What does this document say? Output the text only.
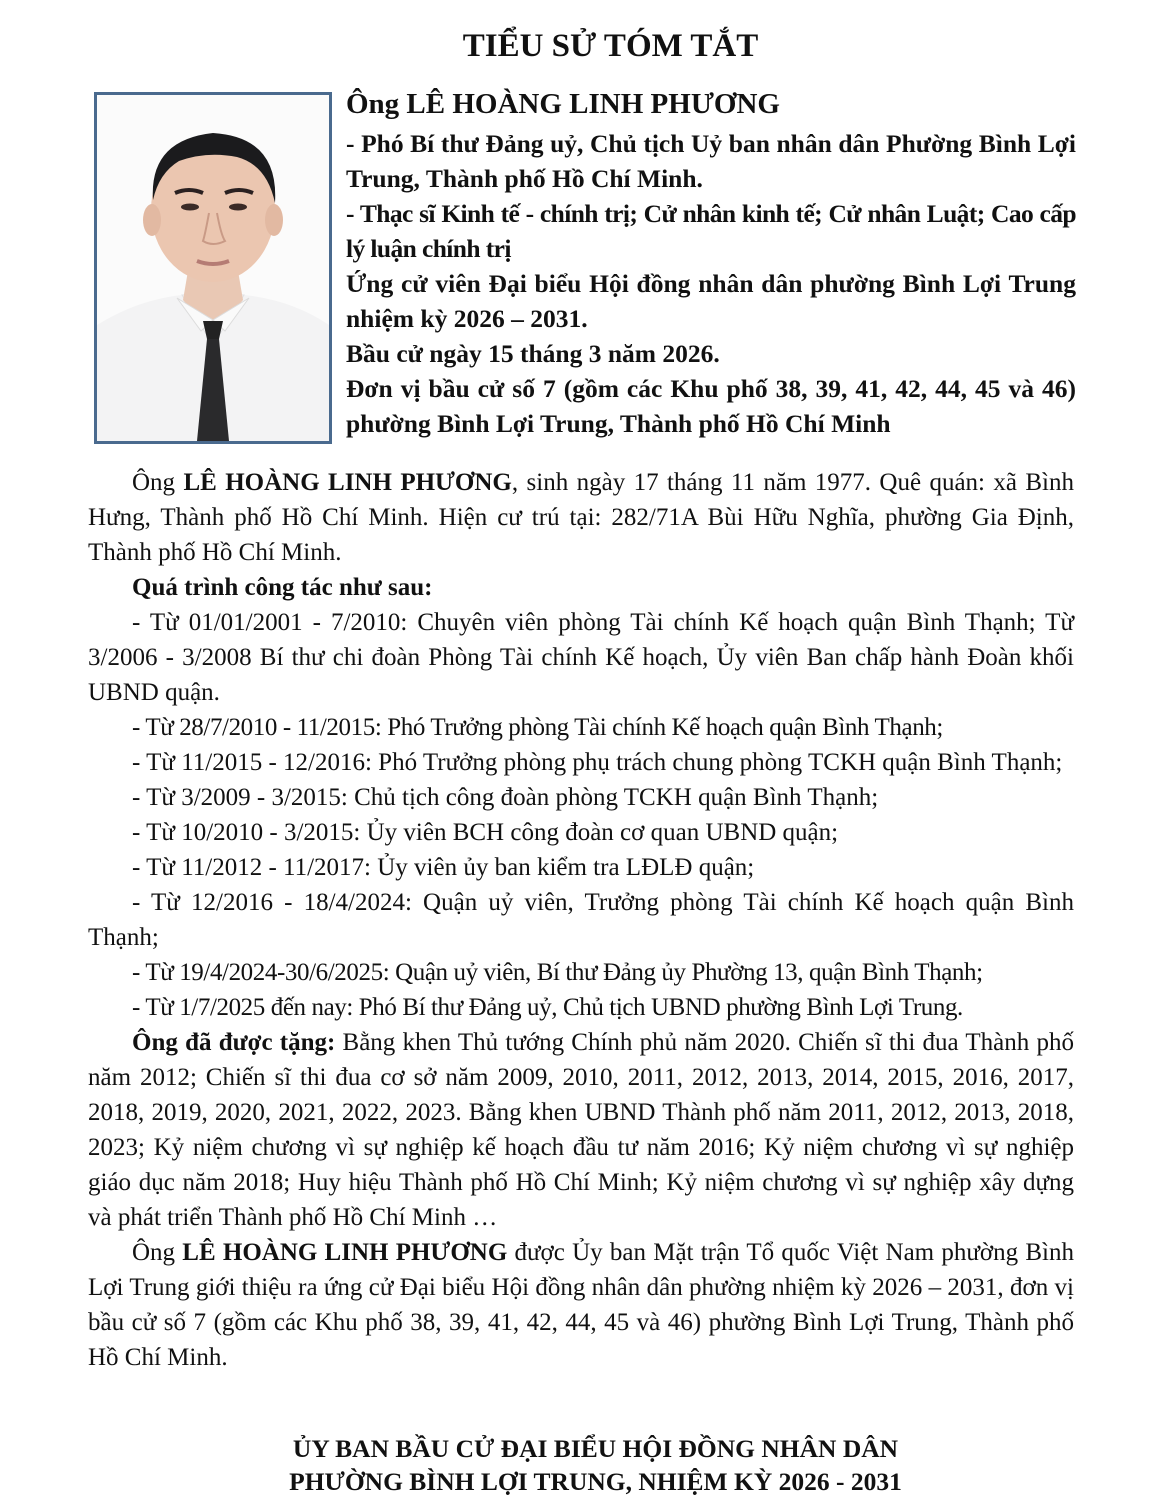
TIỂU SỬ TÓM TẮT

Ông LÊ HOÀNG LINH PHƯƠNG

- Phó Bí thư Đảng uỷ, Chủ tịch Uỷ ban nhân dân Phường Bình Lợi Trung, Thành phố Hồ Chí Minh.

- Thạc sĩ Kinh tế - chính trị; Cử nhân kinh tế; Cử nhân Luật; Cao cấp lý luận chính trị

Ứng cử viên Đại biểu Hội đồng nhân dân phường Bình Lợi Trung nhiệm kỳ 2026 – 2031.

Bầu cử ngày 15 tháng 3 năm 2026.

Đơn vị bầu cử số 7 (gồm các Khu phố 38, 39, 41, 42, 44, 45 và 46) phường Bình Lợi Trung, Thành phố Hồ Chí Minh

Ông LÊ HOÀNG LINH PHƯƠNG, sinh ngày 17 tháng 11 năm 1977. Quê quán: xã Bình Hưng, Thành phố Hồ Chí Minh. Hiện cư trú tại: 282/71A Bùi Hữu Nghĩa, phường Gia Định, Thành phố Hồ Chí Minh.

Quá trình công tác như sau:

- Từ 01/01/2001 - 7/2010: Chuyên viên phòng Tài chính Kế hoạch quận Bình Thạnh; Từ 3/2006 - 3/2008 Bí thư chi đoàn Phòng Tài chính Kế hoạch, Ủy viên Ban chấp hành Đoàn khối UBND quận.

- Từ 28/7/2010 - 11/2015: Phó Trưởng phòng Tài chính Kế hoạch quận Bình Thạnh;

- Từ 11/2015 - 12/2016: Phó Trưởng phòng phụ trách chung phòng TCKH quận Bình Thạnh;

- Từ 3/2009 - 3/2015: Chủ tịch công đoàn phòng TCKH quận Bình Thạnh;

- Từ 10/2010 - 3/2015: Ủy viên BCH công đoàn cơ quan UBND quận;

- Từ 11/2012 - 11/2017: Ủy viên ủy ban kiểm tra LĐLĐ quận;

- Từ 12/2016 - 18/4/2024: Quận uỷ viên, Trưởng phòng Tài chính Kế hoạch quận Bình Thạnh;

- Từ 19/4/2024-30/6/2025: Quận uỷ viên, Bí thư Đảng ủy Phường 13, quận Bình Thạnh;

- Từ 1/7/2025 đến nay: Phó Bí thư Đảng uỷ, Chủ tịch UBND phường Bình Lợi Trung.

Ông đã được tặng: Bằng khen Thủ tướng Chính phủ năm 2020. Chiến sĩ thi đua Thành phố năm 2012; Chiến sĩ thi đua cơ sở năm 2009, 2010, 2011, 2012, 2013, 2014, 2015, 2016, 2017, 2018, 2019, 2020, 2021, 2022, 2023. Bằng khen UBND Thành phố năm 2011, 2012, 2013, 2018, 2023; Kỷ niệm chương vì sự nghiệp kế hoạch đầu tư năm 2016; Kỷ niệm chương vì sự nghiệp giáo dục năm 2018; Huy hiệu Thành phố Hồ Chí Minh; Kỷ niệm chương vì sự nghiệp xây dựng và phát triển Thành phố Hồ Chí Minh …

Ông LÊ HOÀNG LINH PHƯƠNG được Ủy ban Mặt trận Tổ quốc Việt Nam phường Bình Lợi Trung giới thiệu ra ứng cử Đại biểu Hội đồng nhân dân phường nhiệm kỳ 2026 – 2031, đơn vị bầu cử số 7 (gồm các Khu phố 38, 39, 41, 42, 44, 45 và 46) phường Bình Lợi Trung, Thành phố Hồ Chí Minh.

ỦY BAN BẦU CỬ ĐẠI BIỂU HỘI ĐỒNG NHÂN DÂN
PHƯỜNG BÌNH LỢI TRUNG, NHIỆM KỲ 2026 - 2031
